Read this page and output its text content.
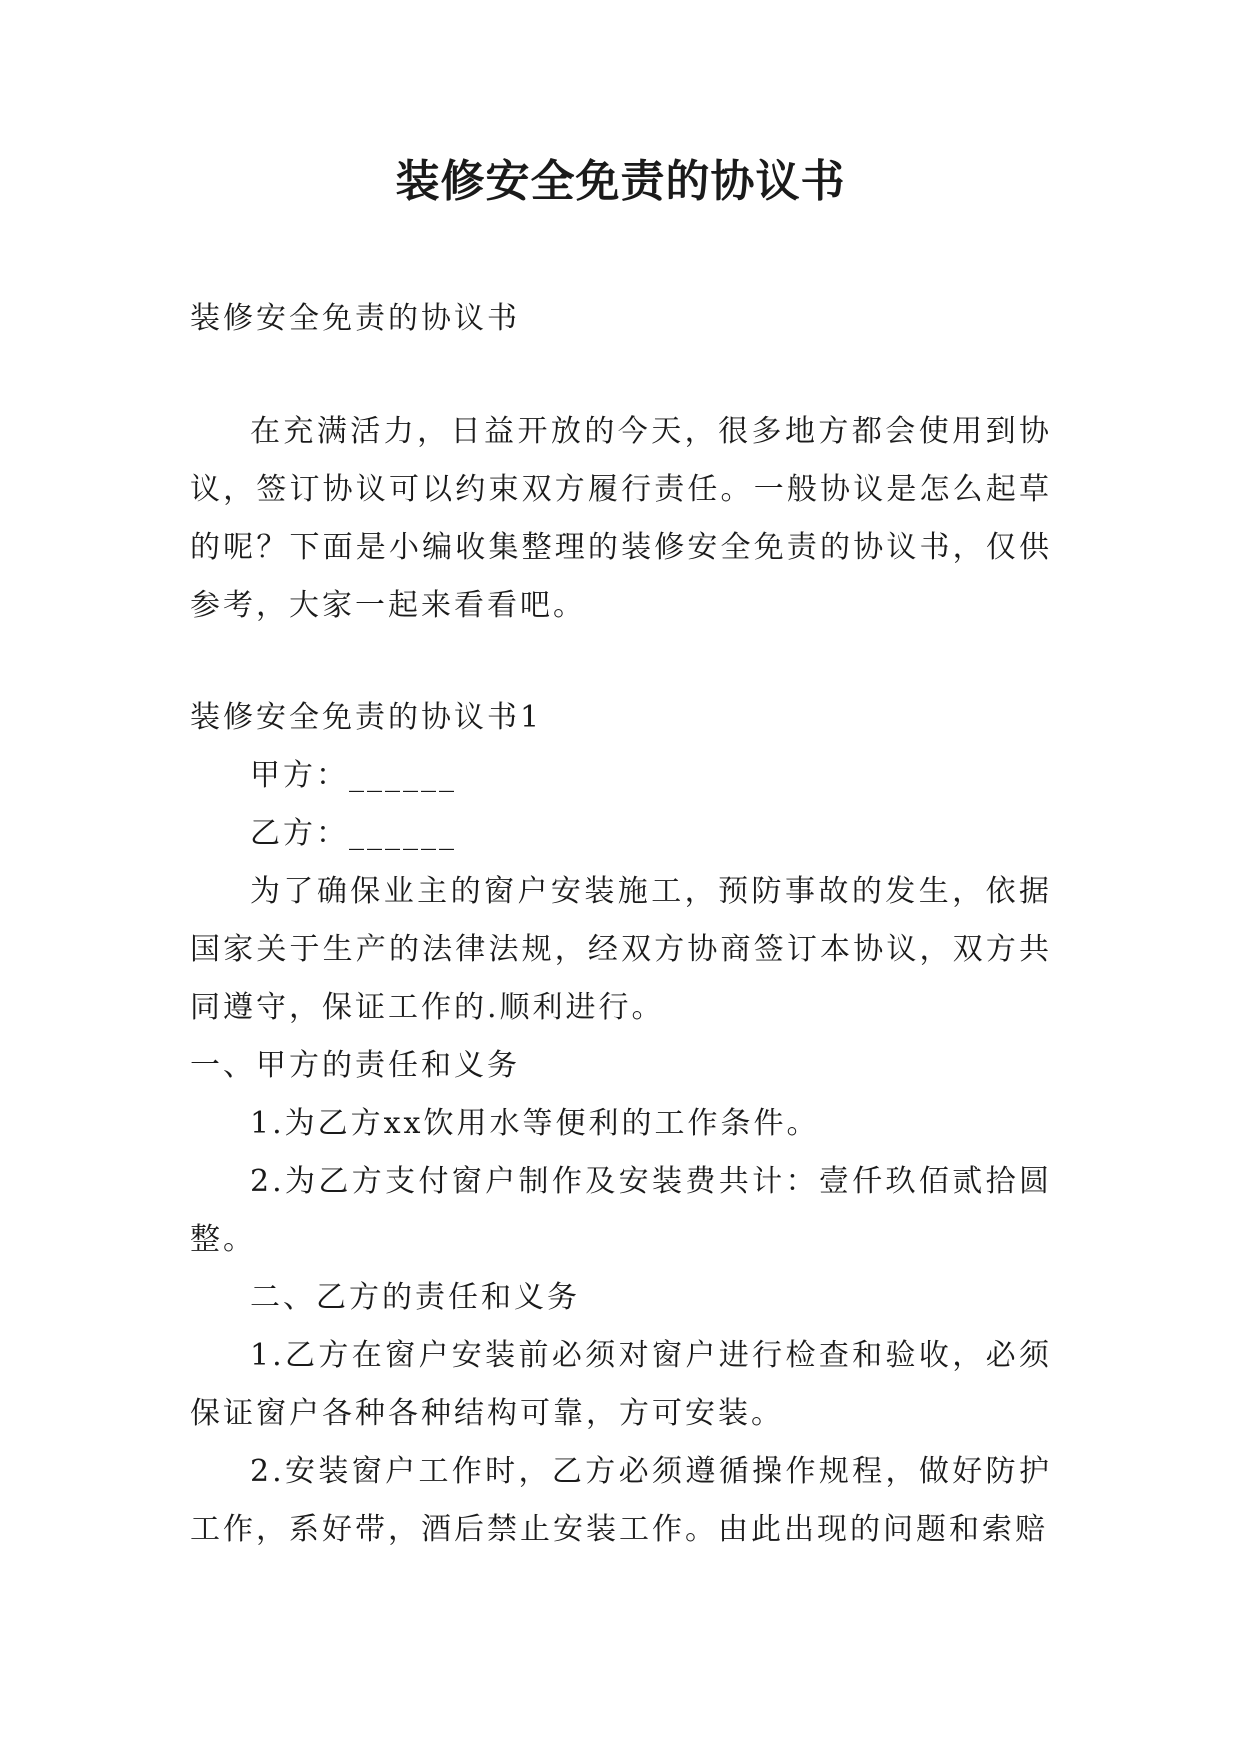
装修安全免责的协议书

装修安全免责的协议书

在充满活力，日益开放的今天，很多地方都会使用到协议，签订协议可以约束双方履行责任。一般协议是怎么起草的呢？下面是小编收集整理的装修安全免责的协议书，仅供参考，大家一起来看看吧。

装修安全免责的协议书1

甲方：______

乙方：______

为了确保业主的窗户安装施工，预防事故的发生，依据国家关于生产的法律法规，经双方协商签订本协议，双方共同遵守，保证工作的.顺利进行。

一、甲方的责任和义务

1.为乙方xx饮用水等便利的工作条件。

2.为乙方支付窗户制作及安装费共计：壹仟玖佰贰拾圆整。

二、乙方的责任和义务

1.乙方在窗户安装前必须对窗户进行检查和验收，必须保证窗户各种各种结构可靠，方可安装。

2.安装窗户工作时，乙方必须遵循操作规程，做好防护工作，系好带，酒后禁止安装工作。由此出现的问题和索赔
